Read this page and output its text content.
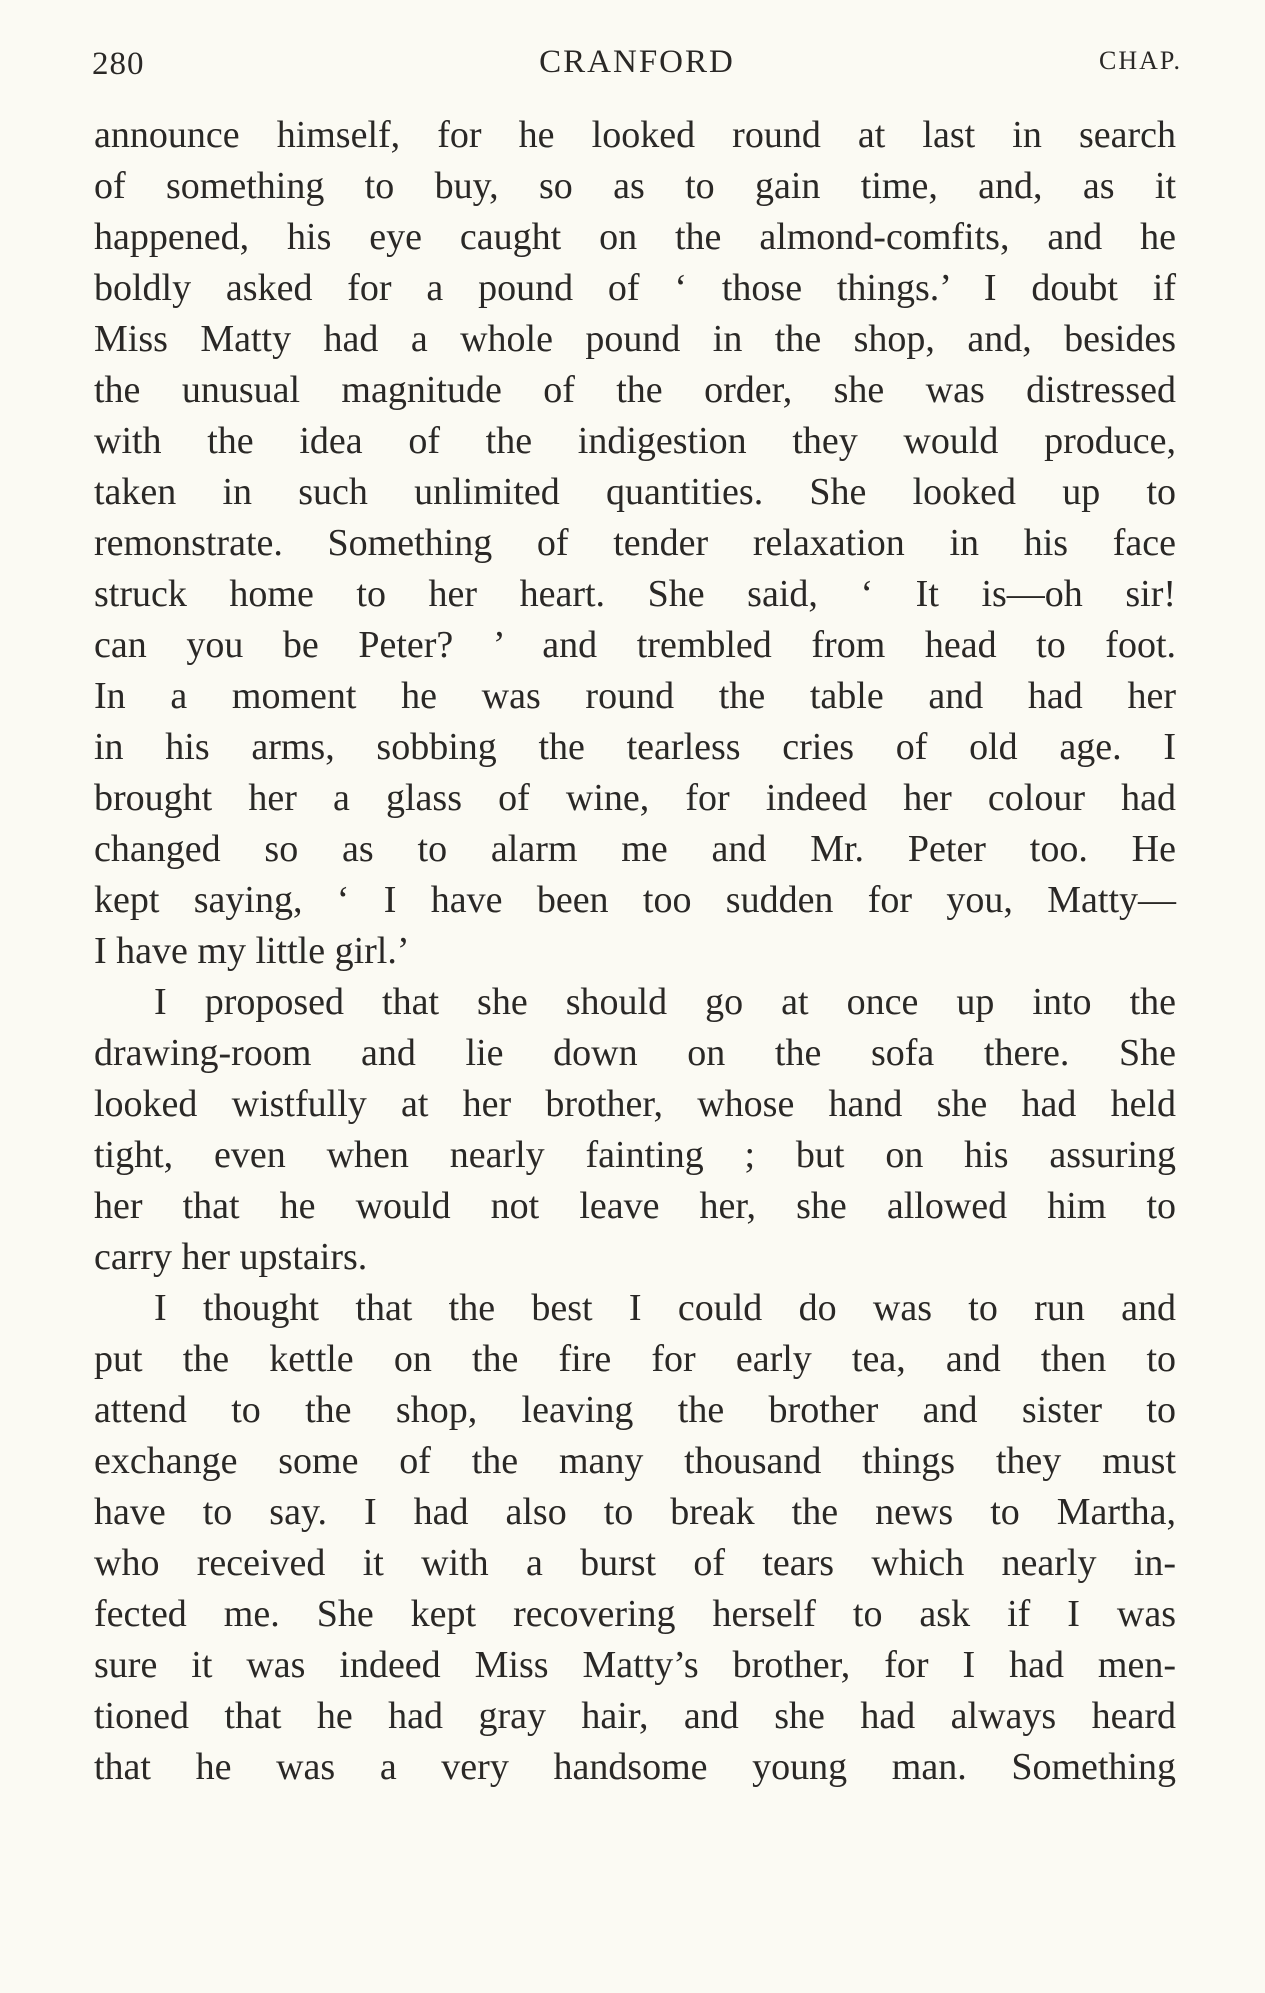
280	CRANFORD	CHAP.
announce himself, for he looked round at last in search
of something to buy, so as to gain time, and, as it
happened, his eye caught on the almond-comfits, and he
boldly asked for a pound of ‘ those things.’ I doubt if
Miss Matty had a whole pound in the shop, and, besides
the unusual magnitude of the order, she was distressed
with the idea of the indigestion they would produce,
taken in such unlimited quantities. She looked up to
remonstrate. Something of tender relaxation in his face
struck home to her heart. She said, ‘ It is—oh sir!
can you be Peter? ’ and trembled from head to foot.
In a moment he was round the table and had her
in his arms, sobbing the tearless cries of old age. I
brought her a glass of wine, for indeed her colour had
changed so as to alarm me and Mr. Peter too. He
kept saying, ‘ I have been too sudden for you, Matty—
I have my little girl.’
I proposed that she should go at once up into the
drawing-room and lie down on the sofa there. She
looked wistfully at her brother, whose hand she had held
tight, even when nearly fainting ; but on his assuring
her that he would not leave her, she allowed him to
carry her upstairs.
I thought that the best I could do was to run and
put the kettle on the fire for early tea, and then to
attend to the shop, leaving the brother and sister to
exchange some of the many thousand things they must
have to say. I had also to break the news to Martha,
who received it with a burst of tears which nearly in-
fected me. She kept recovering herself to ask if I was
sure it was indeed Miss Matty’s brother, for I had men-
tioned that he had gray hair, and she had always heard
that he was a very handsome young man. Something
